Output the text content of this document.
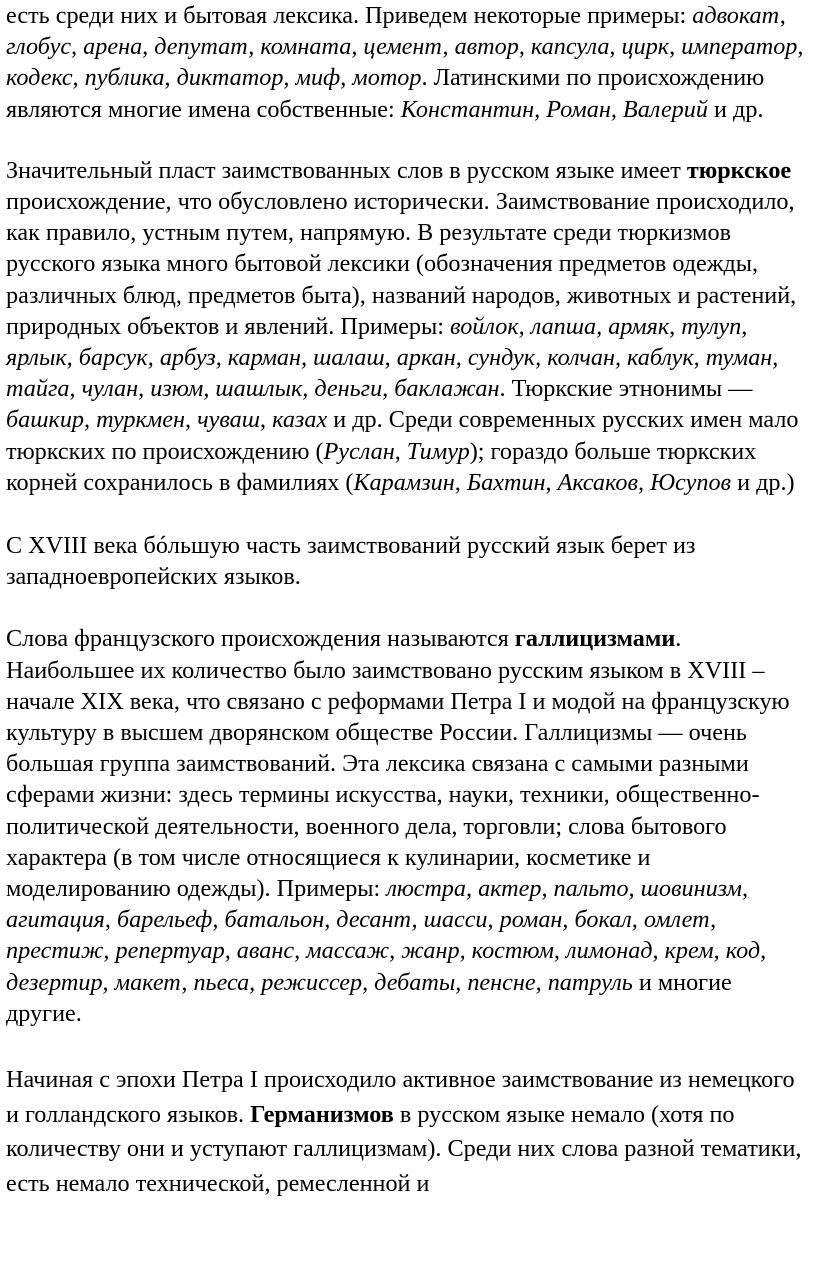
есть среди них и бытовая лексика. Приведем некоторые примеры: адвокат, глобус, арена, депутат, комната, цемент, автор, капсула, цирк, император, кодекс, публика, диктатор, миф, мотор. Латинскими по происхождению являются многие имена собственные: Константин, Роман, Валерий и др.

Значительный пласт заимствованных слов в русском языке имеет тюркское происхождение, что обусловлено исторически. Заимствование происходило, как правило, устным путем, напрямую. В результате среди тюркизмов русского языка много бытовой лексики (обозначения предметов одежды, различных блюд, предметов быта), названий народов, животных и растений, природных объектов и явлений. Примеры: войлок, лапша, армяк, тулуп, ярлык, барсук, арбуз, карман, шалаш, аркан, сундук, колчан, каблук, туман, тайга, чулан, изюм, шашлык, деньги, баклажан. Тюркские этнонимы — башкир, туркмен, чуваш, казах и др. Среди современных русских имен мало тюркских по происхождению (Руслан, Тимур); гораздо больше тюркских корней сохранилось в фамилиях (Карамзин, Бахтин, Аксаков, Юсупов и др.)

С XVIII века бóльшую часть заимствований русский язык берет из западноевропейских языков.

Слова французского происхождения называются галлицизмами. Наибольшее их количество было заимствовано русским языком в XVIII – начале XIX века, что связано с реформами Петра I и модой на французскую культуру в высшем дворянском обществе России. Галлицизмы — очень большая группа заимствований. Эта лексика связана с самыми разными сферами жизни: здесь термины искусства, науки, техники, общественно-политической деятельности, военного дела, торговли; слова бытового характера (в том числе относящиеся к кулинарии, косметике и моделированию одежды). Примеры: люстра, актер, пальто, шовинизм, агитация, барельеф, батальон, десант, шасси, роман, бокал, омлет, престиж, репертуар, аванс, массаж, жанр, костюм, лимонад, крем, код, дезертир, макет, пьеса, режиссер, дебаты, пенсне, патруль и многие другие.

Начиная с эпохи Петра I происходило активное заимствование из немецкого и голландского языков. Германизмов в русском языке немало (хотя по количеству они и уступают галлицизмам). Среди них слова разной тематики, есть немало технической, ремесленной и
